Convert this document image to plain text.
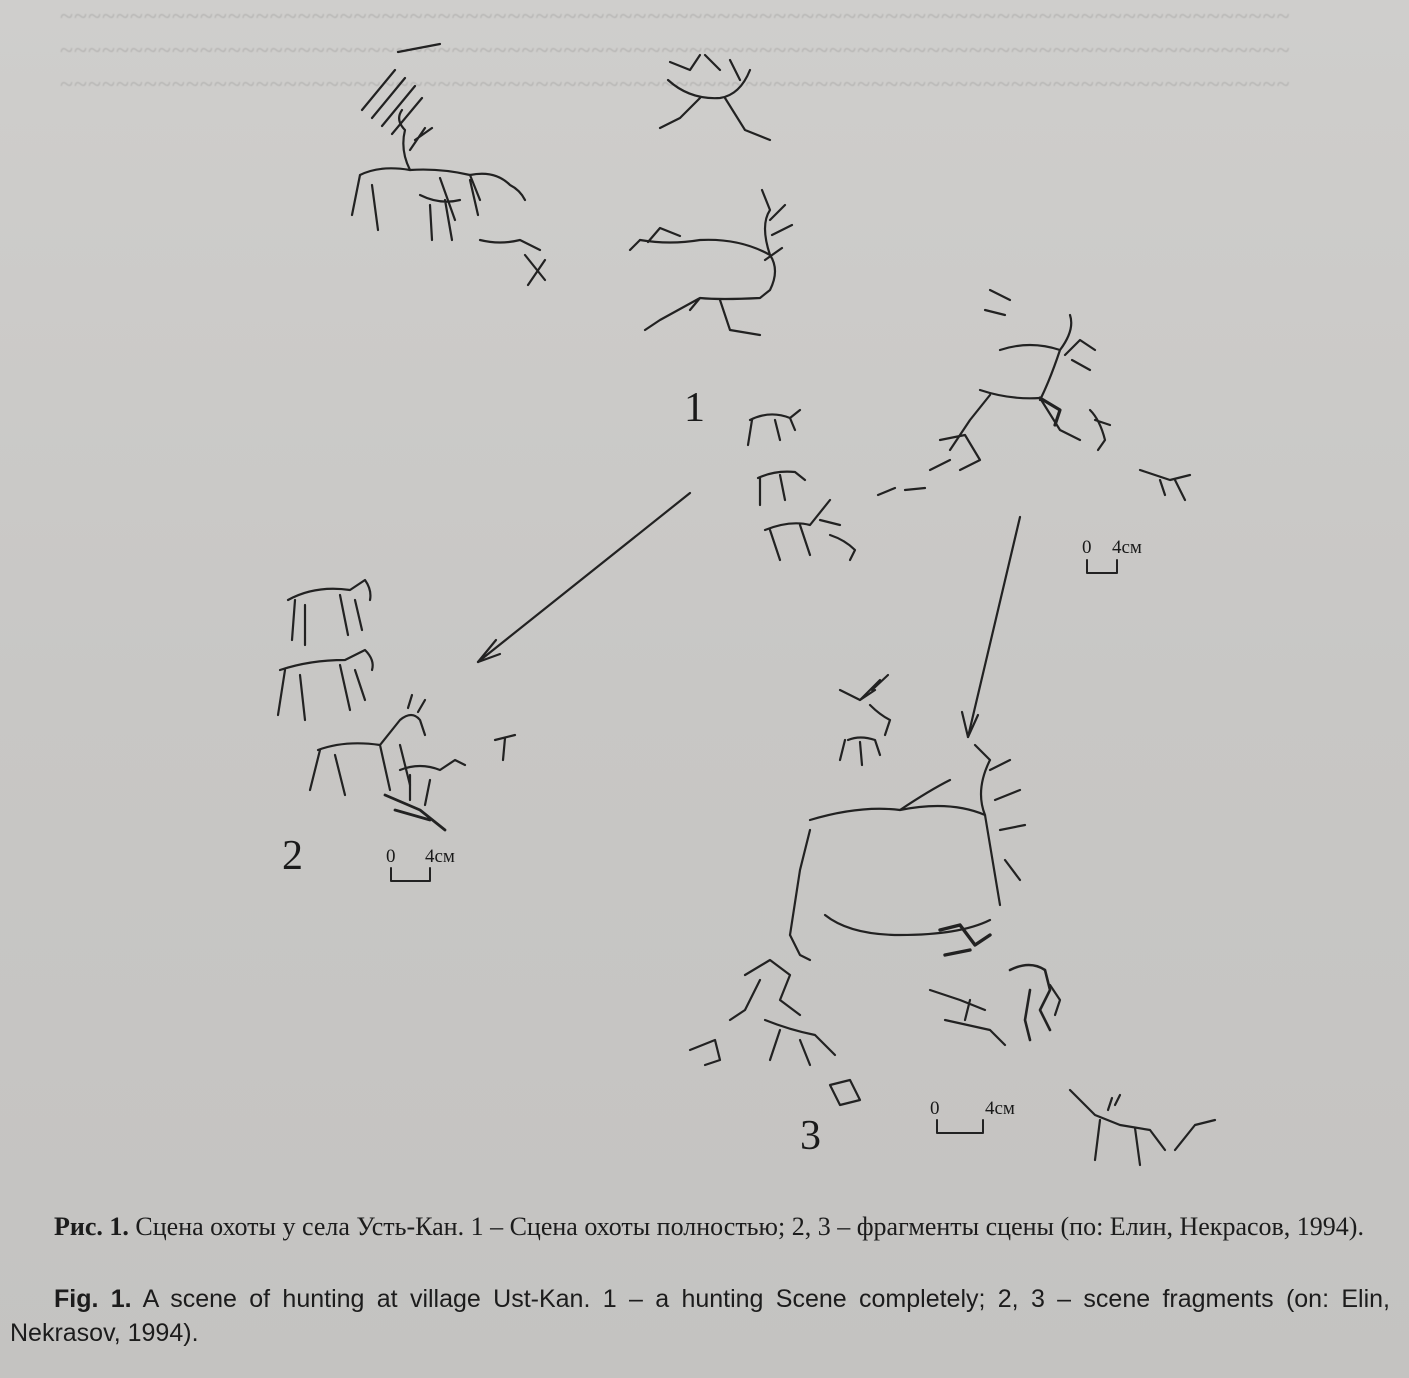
~~~~~~~~~~~~~~~~~~~~~~~~~~~~~~~~~~~~~~~~~~~~~~~~~~~~~~~~~~~~~~~~~~~~~~~~~~~~~~~~~~~~~~~~
~~~~~~~~~~~~~~~~~~~~~~~~~~~~~~~~~~~~~~~~~~~~~~~~~~~~~~~~~~~~~~~~~~~~~~~~~~~~~~~~~~~~~~~~
~~~~~~~~~~~~~~~~~~~~~~~~~~~~~~~~~~~~~~~~~~~~~~~~~~~~~~~~~~~~~~~~~~~~~~~~~~~~~~~~~~~~~~~~
1
2
3
0 4см
0 4см
0 4см
Рис. 1. Сцена охоты у села Усть-Кан. 1 – Сцена охоты полностью; 2, 3 – фрагменты сцены (по: Елин, Некрасов, 1994).
Fig. 1. A scene of hunting at village Ust-Kan. 1 – a hunting Scene completely; 2, 3 – scene fragments (on: Elin, Nekrasov, 1994).
